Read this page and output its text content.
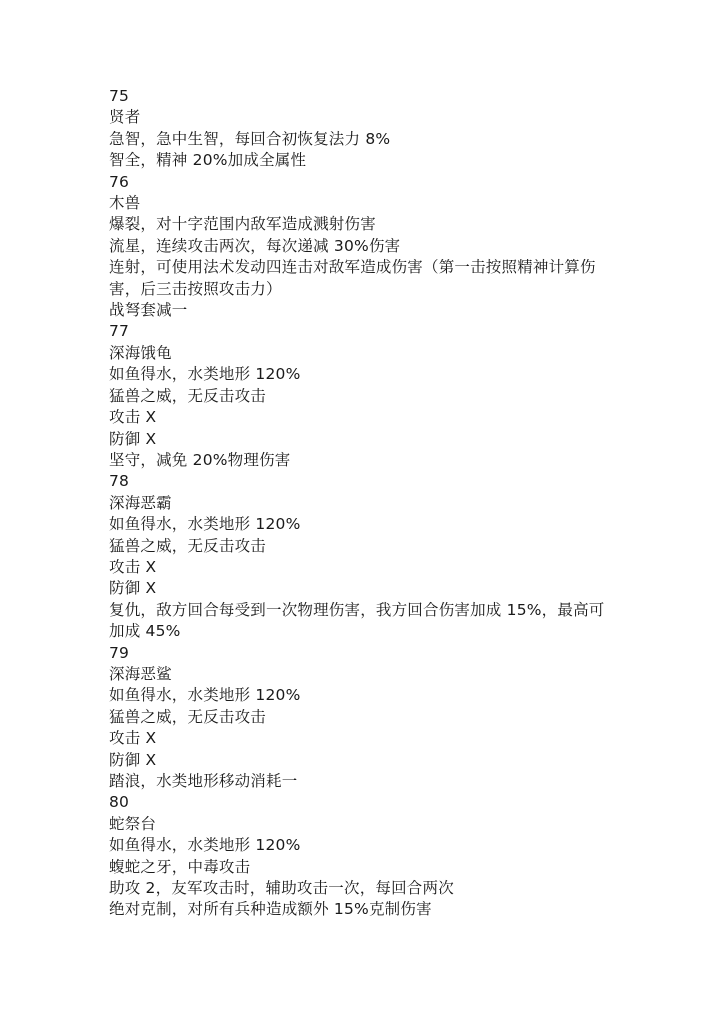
75
贤者
急智，急中生智，每回合初恢复法力 8%
智全，精神 20%加成全属性
76
木兽
爆裂，对十字范围内敌军造成溅射伤害
流星，连续攻击两次，每次递减 30%伤害
连射，可使用法术发动四连击对敌军造成伤害（第一击按照精神计算伤害，后三击按照攻击力）
战弩套减一
77
深海饿龟
如鱼得水，水类地形 120%
猛兽之威，无反击攻击
攻击 X
防御 X
坚守，减免 20%物理伤害
78
深海恶霸
如鱼得水，水类地形 120%
猛兽之威，无反击攻击
攻击 X
防御 X
复仇，敌方回合每受到一次物理伤害，我方回合伤害加成 15%，最高可加成 45%
79
深海恶鲨
如鱼得水，水类地形 120%
猛兽之威，无反击攻击
攻击 X
防御 X
踏浪，水类地形移动消耗一
80
蛇祭台
如鱼得水，水类地形 120%
蝮蛇之牙，中毒攻击
助攻 2，友军攻击时，辅助攻击一次，每回合两次
绝对克制，对所有兵种造成额外 15%克制伤害
